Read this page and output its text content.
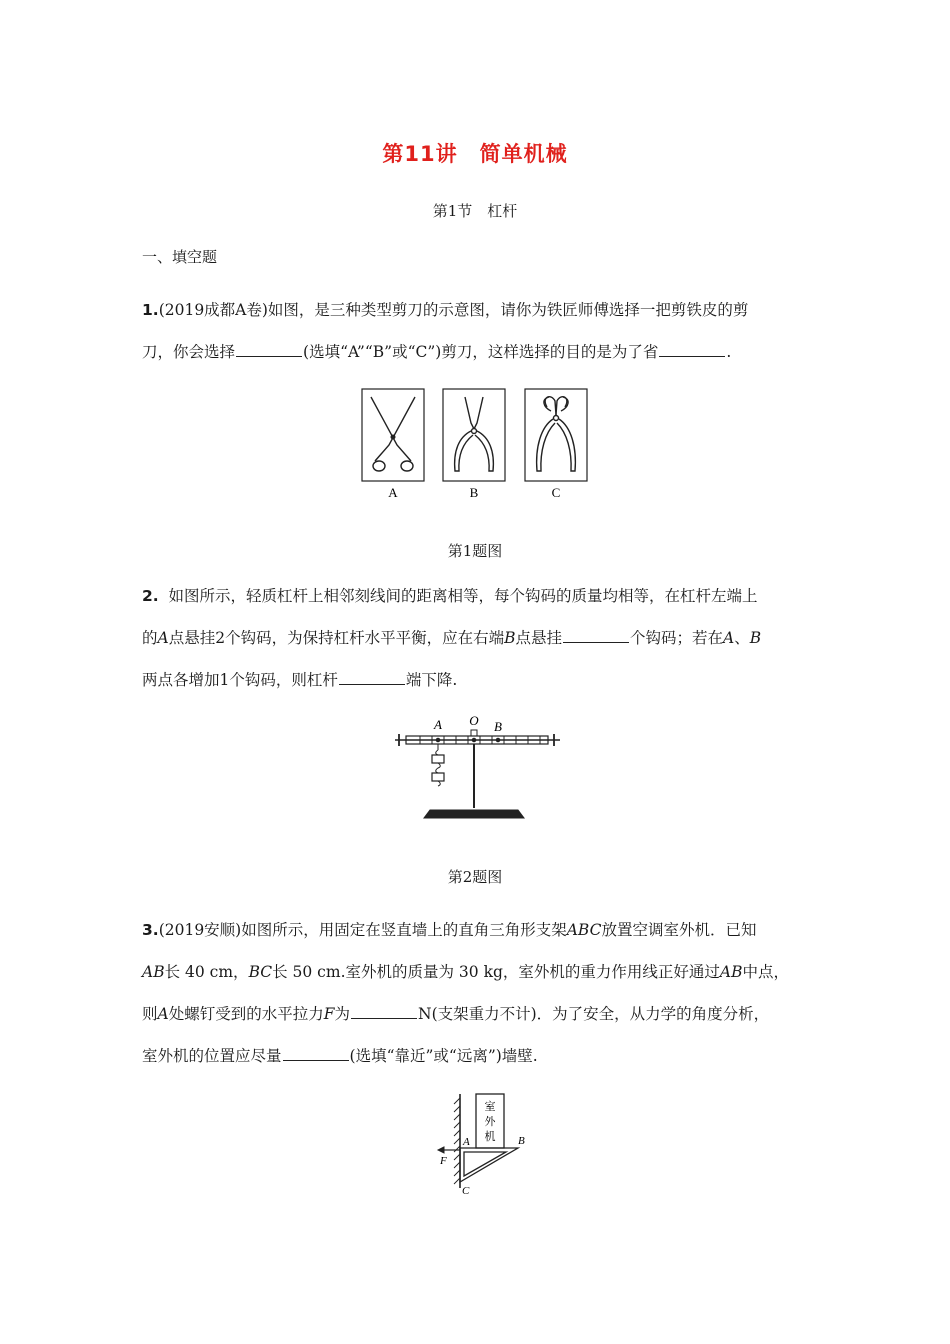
第11讲　简单机械
第1节　杠杆
一、填空题
1.(2019成都A卷)如图，是三种类型剪刀的示意图，请你为铁匠师傅选择一把剪铁皮的剪
刀，你会选择	(选填“A”“B”或“C”)剪刀，这样选择的目的是为了省	.
A	B	C
第1题图
2. 如图所示，轻质杠杆上相邻刻线间的距离相等，每个钩码的质量均相等，在杠杆左端上
的A点悬挂2个钩码，为保持杠杆水平平衡，应在右端B点悬挂	个钩码；若在A、B
两点各增加1个钩码，则杠杆	端下降.
A O B
第2题图
3.(2019安顺)如图所示，用固定在竖直墙上的直角三角形支架ABC放置空调室外机．已知
AB长 40 cm，BC长 50 cm.室外机的质量为 30 kg，室外机的重力作用线正好通过AB中点，
则A处螺钉受到的水平拉力F为	N(支架重力不计)．为了安全，从力学的角度分析，
室外机的位置应尽量	(选填“靠近”或“远离”)墙壁.
室
外
机
A	B
C
F
